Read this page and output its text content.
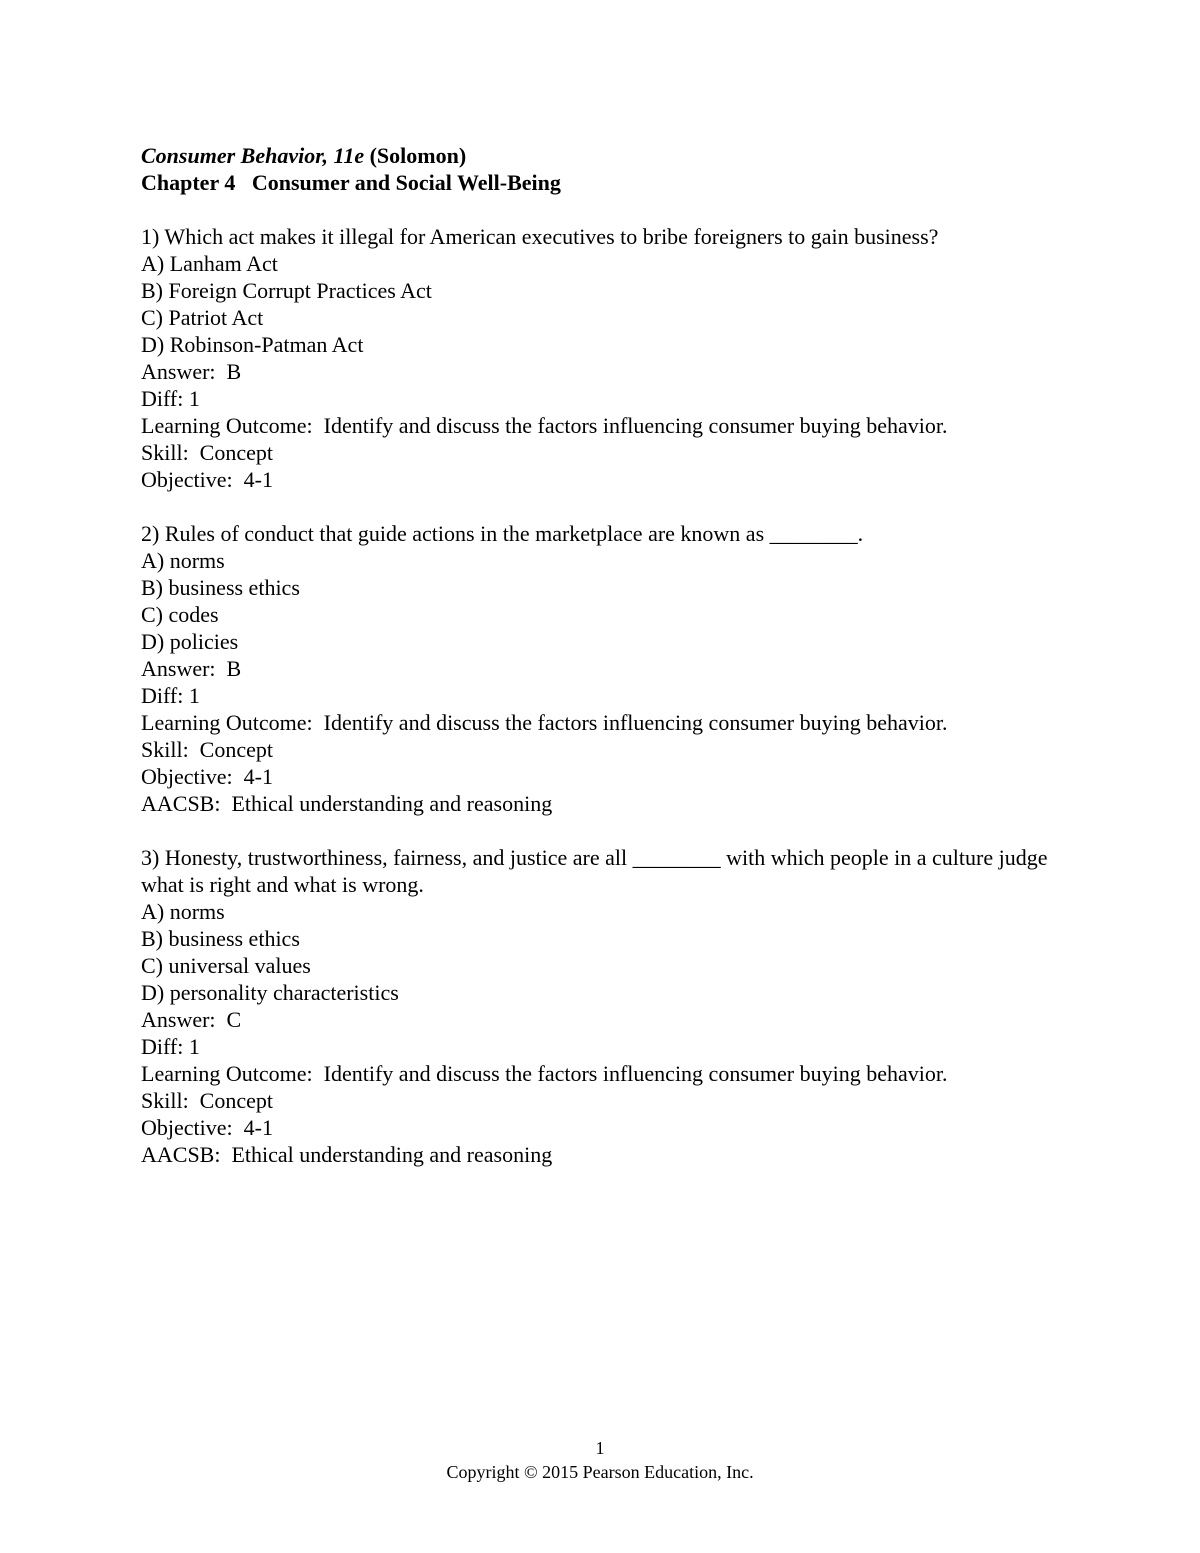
Consumer Behavior, 11e (Solomon)

Chapter 4   Consumer and Social Well-Being

1) Which act makes it illegal for American executives to bribe foreigners to gain business?

A) Lanham Act

B) Foreign Corrupt Practices Act

C) Patriot Act

D) Robinson-Patman Act

Answer:  B

Diff: 1

Learning Outcome:  Identify and discuss the factors influencing consumer buying behavior.

Skill:  Concept

Objective:  4-1

2) Rules of conduct that guide actions in the marketplace are known as ________.

A) norms

B) business ethics

C) codes

D) policies

Answer:  B

Diff: 1

Learning Outcome:  Identify and discuss the factors influencing consumer buying behavior.

Skill:  Concept

Objective:  4-1

AACSB:  Ethical understanding and reasoning

3) Honesty, trustworthiness, fairness, and justice are all ________ with which people in a culture judge what is right and what is wrong.

A) norms

B) business ethics

C) universal values

D) personality characteristics

Answer:  C

Diff: 1

Learning Outcome:  Identify and discuss the factors influencing consumer buying behavior.

Skill:  Concept

Objective:  4-1

AACSB:  Ethical understanding and reasoning

1
Copyright © 2015 Pearson Education, Inc.
